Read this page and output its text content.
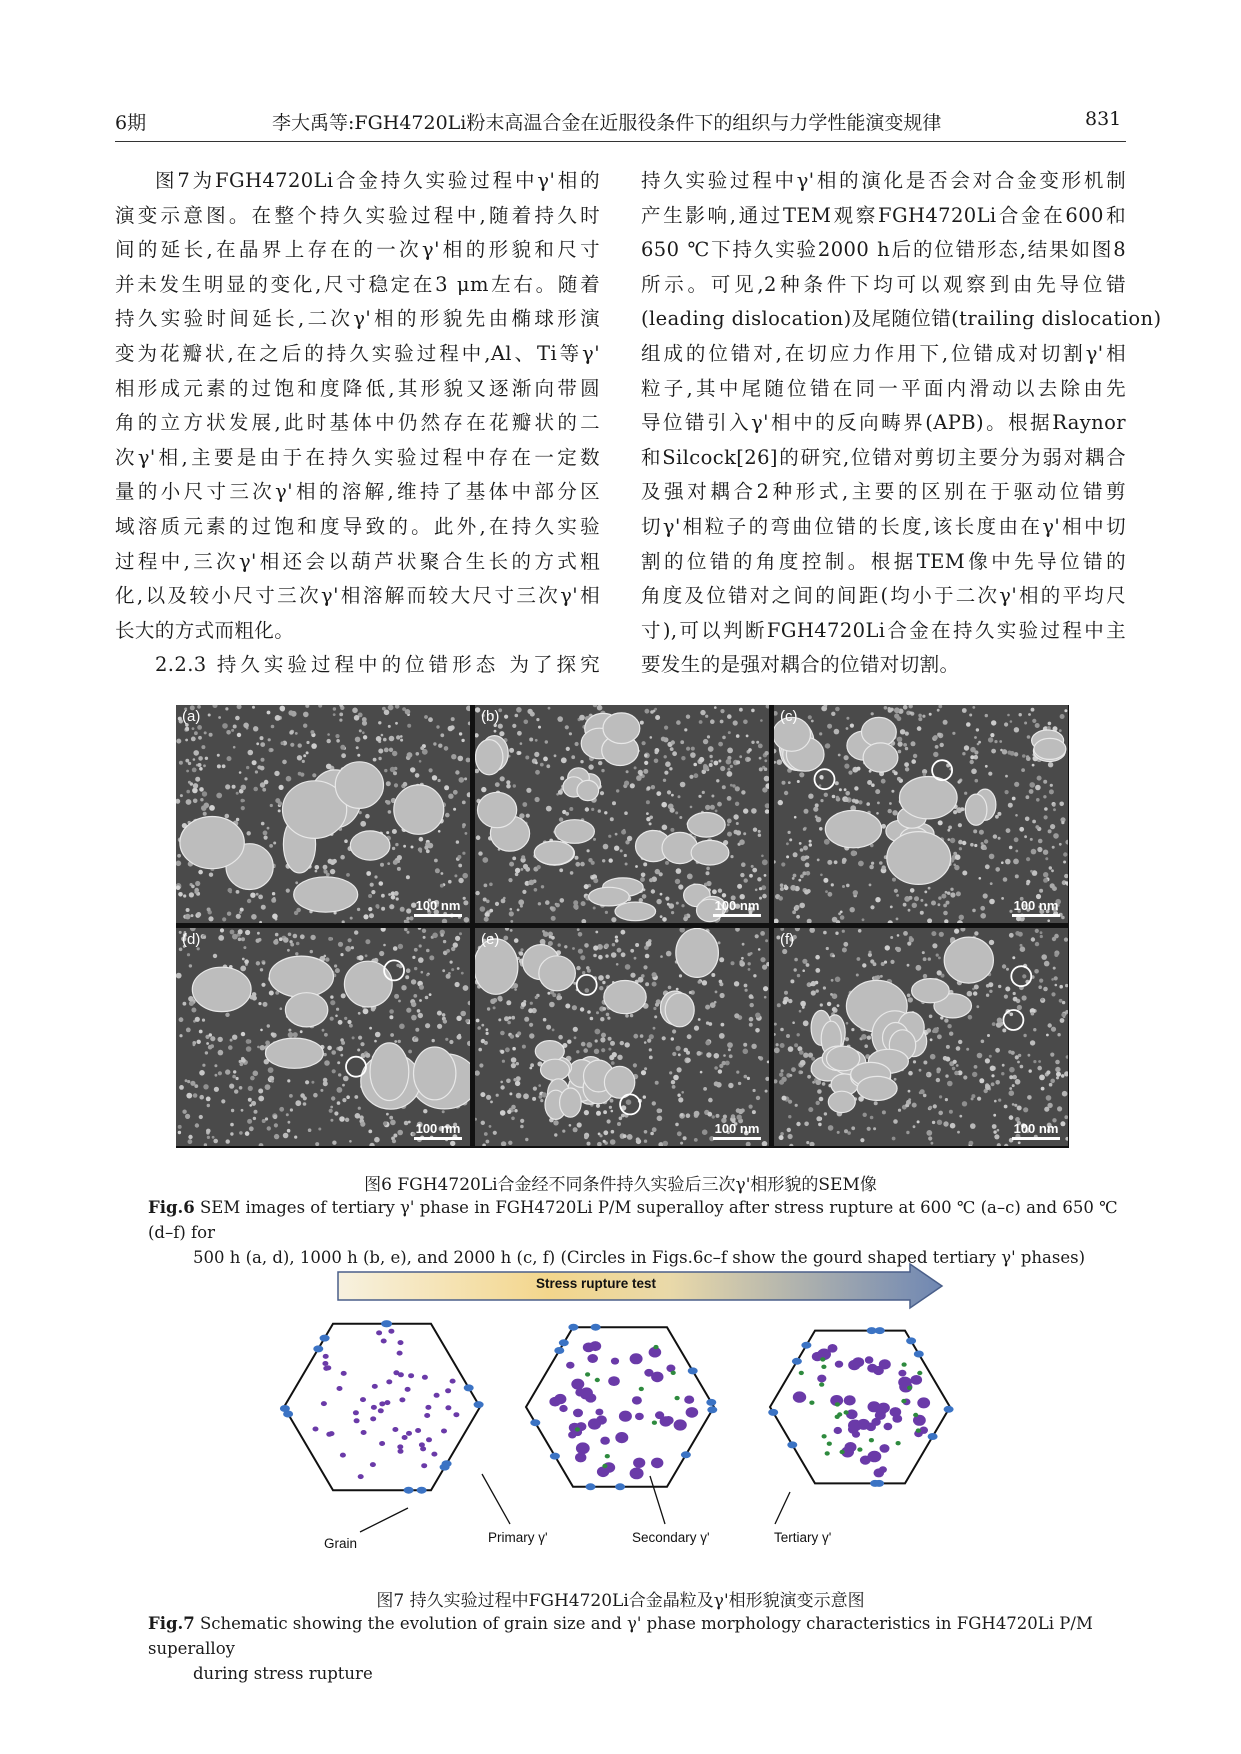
6期	李大禹等:FGH4720Li粉末高温合金在近服役条件下的组织与力学性能演变规律	831
图7为FGH4720Li合金持久实验过程中γ'相的
演变示意图。在整个持久实验过程中,随着持久时
间的延长,在晶界上存在的一次γ'相的形貌和尺寸
并未发生明显的变化,尺寸稳定在3 μm左右。随着
持久实验时间延长,二次γ'相的形貌先由椭球形演
变为花瓣状,在之后的持久实验过程中,Al、Ti等γ'
相形成元素的过饱和度降低,其形貌又逐渐向带圆
角的立方状发展,此时基体中仍然存在花瓣状的二
次γ'相,主要是由于在持久实验过程中存在一定数
量的小尺寸三次γ'相的溶解,维持了基体中部分区
域溶质元素的过饱和度导致的。此外,在持久实验
过程中,三次γ'相还会以葫芦状聚合生长的方式粗
化,以及较小尺寸三次γ'相溶解而较大尺寸三次γ'相
长大的方式而粗化。
2.2.3 持久实验过程中的位错形态 为了探究
持久实验过程中γ'相的演化是否会对合金变形机制
产生影响,通过TEM观察FGH4720Li合金在600和
650 ℃下持久实验2000 h后的位错形态,结果如图8
所示。可见,2种条件下均可以观察到由先导位错
(leading dislocation)及尾随位错(trailing dislocation)
组成的位错对,在切应力作用下,位错成对切割γ'相
粒子,其中尾随位错在同一平面内滑动以去除由先
导位错引入γ'相中的反向畴界(APB)。根据Raynor
和Silcock[26]的研究,位错对剪切主要分为弱对耦合
及强对耦合2种形式,主要的区别在于驱动位错剪
切γ'相粒子的弯曲位错的长度,该长度由在γ'相中切
割的位错的角度控制。根据TEM像中先导位错的
角度及位错对之间的间距(均小于二次γ'相的平均尺
寸),可以判断FGH4720Li合金在持久实验过程中主
要发生的是强对耦合的位错对切割。
(a)
100 nm
(b)
100 nm
(c)
100 nm
(d)
100 nm
(e)
100 nm
(f)
100 nm
图6 FGH4720Li合金经不同条件持久实验后三次γ'相形貌的SEM像
Fig.6 SEM images of tertiary γ' phase in FGH4720Li P/M superalloy after stress rupture at 600 ℃ (a–c) and 650 ℃ (d–f) for
500 h (a, d), 1000 h (b, e), and 2000 h (c, f) (Circles in Figs.6c–f show the gourd shaped tertiary γ' phases)
Stress rupture test
Grain	Primary γ'	Secondary γ'	Tertiary γ'
图7 持久实验过程中FGH4720Li合金晶粒及γ'相形貌演变示意图
Fig.7 Schematic showing the evolution of grain size and γ' phase morphology characteristics in FGH4720Li P/M superalloy
during stress rupture
